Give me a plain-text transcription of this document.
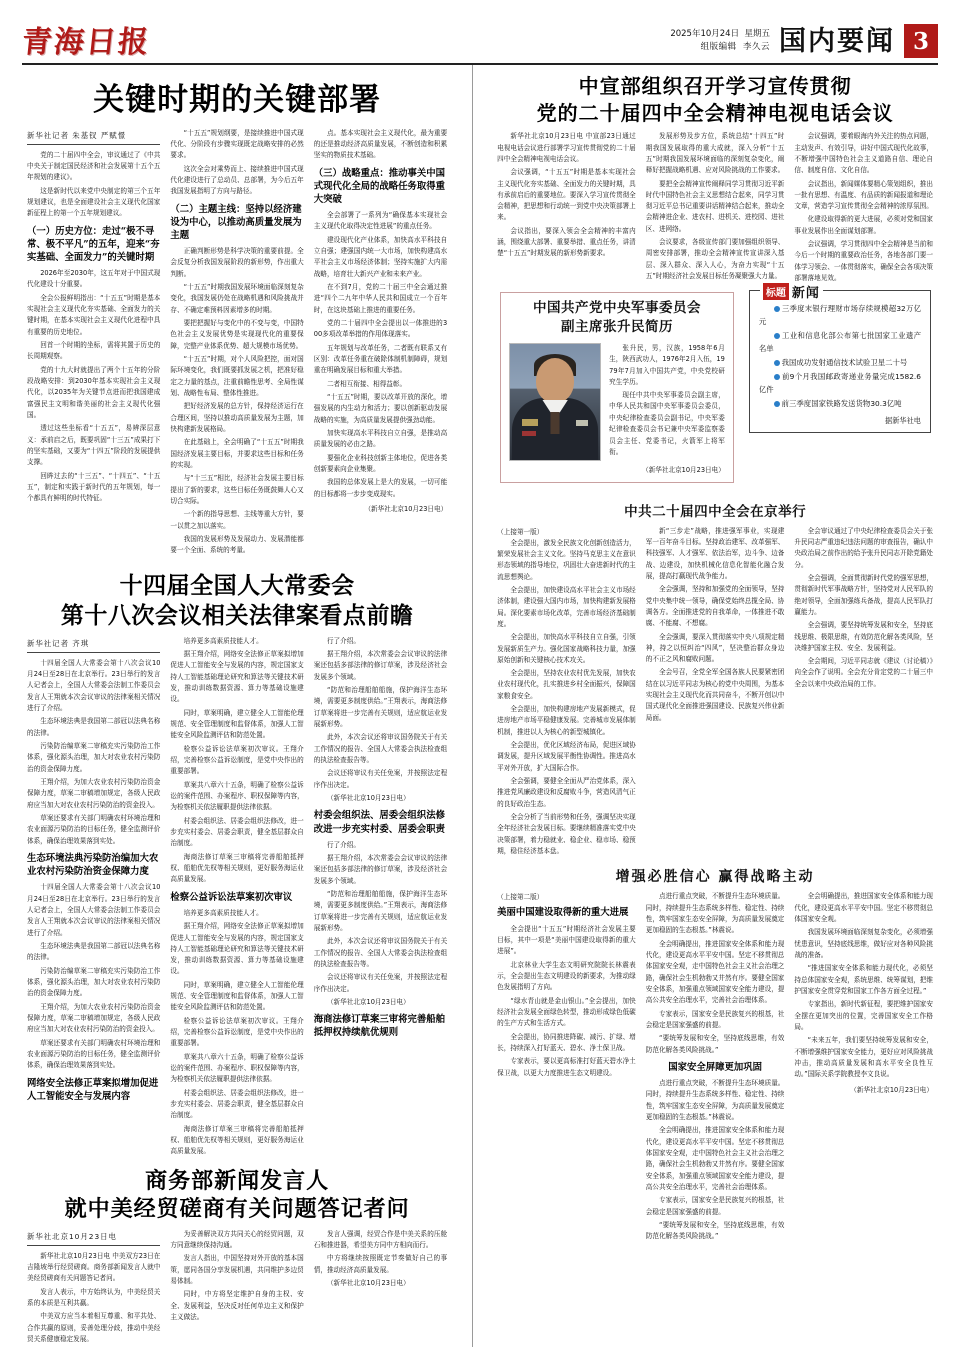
青海日报	2025年10月24日 星期五
组版编辑 李久云 国内要闻 3
关键时期的关键部署
新华社记者 朱基钗 严赋憬

党的二十届四中全会，审议通过了《中共中央关于制定国民经济和社会发展第十五个五年规划的建议》。

这是新时代以来党中央制定的第三个五年规划建议，也是全面建设社会主义现代化国家新征程上的第一个五年规划建议。

（一）历史方位：走过“极不寻常、极不平凡”的五年，迎来“夯实基础、全面发力”的关键时期

2026年至2030年，这五年对于中国式现代化建设十分重要。

全会公报鲜明指出：“十五五”时期是基本实现社会主义现代化夯实基础、全面发力的关键时期，在基本实现社会主义现代化进程中具有重要的历史地位。

回首一个时期的坐标，需将其置于历史的长周期观察。

党的十九大时就提出了两个十五年的分阶段战略安排：到2030年基本实现社会主义现代化，以2035年为关键节点进而把我国建成富强民主文明和谐美丽的社会主义现代化强国。

透过这些坐标看“十五五”，易辨深层意义：承前启之后，既要巩固“十三五”成果打下的坚实基础，又要为“十四五”阶段的发展提供支撑。

回眸过去的“十三五”、“十四五”、“十五五”，制定和实践于新时代的五年规划，每一个都具有鲜明的时代特征。

“十五五”规划纲要，是接续推进中国式现代化、分阶段有步骤实现既定战略安排的必然要求。

这次全会对乘势而上、接续推进中国式现代化建设进行了总动员、总部署，为今后五年我国发展指明了方向与路径。

（二）主题主线：坚持以经济建设为中心，以推动高质量发展为主题

正确判断形势是科学决策的重要前提。全会反复分析我国发展阶段的新形势，作出重大判断。

“十五五”时期我国发展环境面临深刻复杂变化，我国发展仍处在战略机遇和风险挑战并存、不确定难预料因素增多的时期。

要把把握好与变化中的不变与变，中国特色社会主义发展优势是实现现代化的重要保障，完整产业体系优势、超大规模市场优势。

“十五五”时期，对个人风险把控，面对国际环境变化，我们既要抓发展之机，把准好稳定之力量的基点，注重前瞻性思考、全局性谋划、战略性布局、整体性推进。

把好经济发展的总方针，保持经济运行在合理区间，坚持以推动高质量发展为主题，加快构建新发展格局。

在此基础上，全会明确了“十五五”时期我国经济发展主要目标，并要求这些目标和任务的实现。

与“十三五”相比，经济社会发展主要目标提出了新的要求，这些目标任务既鼓舞人心又切合实际。

一个新的指导思想、主线等重大方针，要一以贯之加以落实。

我国的发展形势及发展动力、发展潜能都要一个全面、系统的考量。

点。基本实现社会主义现代化，最为重要的还是推动经济高质量发展，不断创造和积累坚实的物质技术基础。

（三）战略重点：推动事关中国式现代化全局的战略任务取得重大突破

全会部署了一系列为“确保基本实现社会主义现代化取得决定性进展”的重点任务。

建设现代化产业体系，加快高水平科技自立自强；建强国内统一大市场，加快构建高水平社会主义市场经济体制；坚持实施扩大内需战略，培育壮大新兴产业和未来产业。

在不到7月，党的二十届三中全会通过推进“四个二九年中华人民共和国成立一个百年时，在这块基础上推进的重要任务。

党的二十届四中全会提出以一体推进的300多项改革举措的作用体现落实。

五年规划与改革任务，二者既有联系又有区别：改革任务重在破除体制机制障碍，规划重在明确发展目标和重大举措。

二者相互衔接、相得益彰。

“十五五”时期，要以改革开放的深化，增强发展的内生动力和活力；要以创新驱动发展战略的实施，为高质量发展提供强劲动能。

加快实现高水平科技自立自强，是推动高质量发展的必由之路。

要强化企业科技创新主体地位，促进各类创新要素向企业集聚。

我国的总体发展上是大的发展，一切可能的目标都将一步步变成现实。

（新华社北京10月23日电）

十四届全国人大常委会
第十八次会议相关法律案看点前瞻
新华社记者 齐琪

十四届全国人大常委会第十八次会议10月24日至28日在北京举行。23日举行的发言人记者会上，全国人大常委会法制工作委员会发言人王翔就本次会议审议的法律案相关情况进行了介绍。

生态环境法典是我国第二部冠以法典名称的法律。

污染防治编草案二审稿充实污染防治工作体系，强化源头治理，加大对农业农村污染防治的资金保障力度。

王翔介绍，为加大农业农村污染防治资金保障力度，草案二审稿增加规定，各级人民政府应当加大对农业农村污染防治的资金投入。

草案还要求有关部门明确农村环境治理和农业面源污染防治的目标任务，健全监测评价体系，确保治理效果落到实处。

生态环境法典污染防治编加大农业农村污染防治资金保障力度

十四届全国人大常委会第十八次会议10月24日至28日在北京举行。23日举行的发言人记者会上，全国人大常委会法制工作委员会发言人王翔就本次会议审议的法律案相关情况进行了介绍。

生态环境法典是我国第二部冠以法典名称的法律。

污染防治编草案二审稿充实污染防治工作体系，强化源头治理，加大对农业农村污染防治的资金保障力度。

王翔介绍，为加大农业农村污染防治资金保障力度，草案二审稿增加规定，各级人民政府应当加大对农业农村污染防治的资金投入。

草案还要求有关部门明确农村环境治理和农业面源污染防治的目标任务，健全监测评价体系，确保治理效果落到实处。

网络安全法修正草案拟增加促进人工智能安全与发展内容

培养更多高素质技能人才。

据王翔介绍，网络安全法修正草案拟增加促进人工智能安全与发展的内容，规定国家支持人工智能基础理论研究和算法等关键技术研发，推动训练数据资源、算力等基础设施建设。

同时，草案明确，建立健全人工智能伦理规范、安全管理制度和监督体系，加强人工智能安全风险监测评估和防范处置。

检察公益诉讼法草案初次审议。王翔介绍，完善检察公益诉讼制度，是党中央作出的重要部署。

草案共八章六十五条，明确了检察公益诉讼的案件范围、办案程序、职权保障等内容，为检察机关依法履职提供法律依据。

村委会组织法、居委会组织法修改，进一步充实村委会、居委会职责，健全基层群众自治制度。

海商法修订草案三审稿将完善船舶抵押权、船舶优先权等相关规则，更好服务海运业高质量发展。

检察公益诉讼法草案初次审议

培养更多高素质技能人才。

据王翔介绍，网络安全法修正草案拟增加促进人工智能安全与发展的内容，规定国家支持人工智能基础理论研究和算法等关键技术研发，推动训练数据资源、算力等基础设施建设。

同时，草案明确，建立健全人工智能伦理规范、安全管理制度和监督体系，加强人工智能安全风险监测评估和防范处置。

检察公益诉讼法草案初次审议。王翔介绍，完善检察公益诉讼制度，是党中央作出的重要部署。

草案共八章六十五条，明确了检察公益诉讼的案件范围、办案程序、职权保障等内容，为检察机关依法履职提供法律依据。

村委会组织法、居委会组织法修改，进一步充实村委会、居委会职责，健全基层群众自治制度。

海商法修订草案三审稿将完善船舶抵押权、船舶优先权等相关规则，更好服务海运业高质量发展。

行了介绍。

据王翔介绍，本次常委会会议审议的法律案还包括多部法律的修订草案，涉及经济社会发展多个领域。

“防范和治理船舶船施，保护海洋生态环境，需要更多制度供给。”王翔表示，海商法修订草案将进一步完善有关规则，适应航运业发展新形势。

此外，本次会议还将审议国务院关于有关工作情况的报告、全国人大常委会执法检查组的执法检查报告等。

会议还将审议有关任免案，并按照法定程序作出决定。

（新华社北京10月23日电）

村委会组织法、居委会组织法修改进一步充实村委、居委会职责

行了介绍。

据王翔介绍，本次常委会会议审议的法律案还包括多部法律的修订草案，涉及经济社会发展多个领域。

“防范和治理船舶船施，保护海洋生态环境，需要更多制度供给。”王翔表示，海商法修订草案将进一步完善有关规则，适应航运业发展新形势。

此外，本次会议还将审议国务院关于有关工作情况的报告、全国人大常委会执法检查组的执法检查报告等。

会议还将审议有关任免案，并按照法定程序作出决定。

（新华社北京10月23日电）

海商法修订草案三审将完善船舶抵押权持续航优规则

商务部新闻发言人
就中美经贸磋商有关问题答记者问
新华社北京10月23日电

新华社北京10月23日电 中美双方23日在吉隆坡举行经贸磋商。商务部新闻发言人就中美经贸磋商有关问题答记者问。

发言人表示，中方始终认为，中美经贸关系的本质是互利共赢。

中美双方应当本着相互尊重、和平共处、合作共赢的原则，妥善处理分歧，推动中美经贸关系健康稳定发展。

为妥善解决双方共同关心的经贸问题，双方同意继续保持沟通。

发言人指出，中国坚持对外开放的基本国策，愿同各国分享发展机遇，共同维护多边贸易体制。

同时，中方将坚定维护自身的主权、安全、发展利益，坚决反对任何单边主义和保护主义做法。

发言人强调，经贸合作是中美关系的压舱石和推进器，希望美方同中方相向而行。

中方将继续按照既定节奏做好自己的事情，推动经济高质量发展。

（新华社北京10月23日电）

中宣部组织召开学习宣传贯彻
党的二十届四中全会精神电视电话会议

新华社北京10月23日电 中宣部23日通过电视电话会议进行部署学习宣传贯彻党的二十届四中全会精神电视电话会议。

会议强调，“十五五”时期是基本实现社会主义现代化夯实基础、全面发力的关键时期，具有承前启后的重要地位。要深入学习宣传贯彻全会精神，把思想和行动统一到党中央决策部署上来。

会议指出，要深入领会全会精神的丰富内涵，围绕重大部署、重要举措、重点任务，讲清楚“十五五”时期发展的新形势新要求。

发展形势及步方位，系统总结“十四五”时期我国发展取得的重大成就，深入分析“十五五”时期我国发展环境面临的深刻复杂变化，阐释好把握战略机遇、应对风险挑战的工作要求。

要把全会精神宣传阐释同学习贯彻习近平新时代中国特色社会主义思想结合起来，同学习贯彻习近平总书记重要讲话精神结合起来，推动全会精神进企业、进农村、进机关、进校园、进社区、进网络。

会议要求，各级宣传部门要加强组织领导、周密安排部署，推动全会精神宣传宣讲深入基层、深入群众、深入人心，为奋力实现“十五五”时期经济社会发展目标任务凝聚强大力量。

会议强调，要着眼海内外关注的热点问题，主动发声、有效引导，讲好中国式现代化故事，不断增强中国特色社会主义道路自信、理论自信、制度自信、文化自信。

会议指出，新闻媒体要精心策划组织，推出一批有思想、有温度、有品质的新闻报道和理论文章，营造学习宣传贯彻全会精神的浓厚氛围。

化建设取得新的更大进展，必须对党和国家事业发展作出全面谋划部署。

会议强调，学习贯彻四中全会精神是当前和今后一个时期的重要政治任务，各地各部门要一体学习领会、一体贯彻落实，确保全会各项决策部署落地见效。

中国共产党中央军事委员会
副主席张升民简历

张升民，男，汉族，1958年6月生，陕西武功人，1976年2月入伍，1979年7月加入中国共产党，中央党校研究生学历。

现任中共中央军事委员会副主席，中华人民共和国中央军事委员会委员，中央纪律检查委员会副书记，中央军委纪律检查委员会书记兼中央军委监察委员会主任、党委书记，火箭军上将军衔。

（新华社北京10月23日电）

标题 新闻
三季度末银行理财市场存续规模超32万亿元
工业和信息化部公布第七批国家工业遗产名单
我国成功发射通信技术试验卫星二十号
前9个月我国邮政寄递业务量完成1582.6亿件
前三季度国家铁路发送货物30.3亿吨
据新华社电
中共二十届四中全会在京举行

（上接第一版）

全会提出，激发全民族文化创新创造活力，繁荣发展社会主义文化。坚持马克思主义在意识形态领域的指导地位，巩固壮大奋进新时代的主流思想舆论。

全会提出，加快建设高水平社会主义市场经济体制，建设强大国内市场，加快构建新发展格局。深化要素市场化改革，完善市场经济基础制度。

全会提出，加快高水平科技自立自强，引领发展新质生产力。强化国家战略科技力量，加强原始创新和关键核心技术攻关。

全会提出，坚持农业农村优先发展，加快农业农村现代化，扎实推进乡村全面振兴，保障国家粮食安全。

全会提出，加快构建房地产发展新模式，促进房地产市场平稳健康发展。完善城市发展体制机制，推进以人为核心的新型城镇化。

全会提出，优化区域经济布局，促进区域协调发展，提升区域发展平衡性协调性。推进高水平对外开放，扩大国际合作。

全会强调，要健全全面从严治党体系，深入推进党风廉政建设和反腐败斗争，营造风清气正的良好政治生态。

全会分析了当前形势和任务，强调坚决实现全年经济社会发展目标。要继续精准落实党中央决策部署，着力稳就业、稳企业、稳市场、稳预期，稳住经济基本盘。

新“三步走”战略，推进强军事业，实现建军一百年奋斗目标。坚持政治建军、改革强军、科技强军、人才强军、依法治军，边斗争、边备战、边建设，加快机械化信息化智能化融合发展，提高打赢现代战争能力。

全会强调，坚持和加强党的全面领导，坚持党中央集中统一领导，确保党始终总揽全局、协调各方。全面推进党的自我革命，一体推进不敢腐、不能腐、不想腐。

全会强调，要深入贯彻落实中央八项规定精神，持之以恒纠治“四风”，坚决整治群众身边的不正之风和腐败问题。

全会号召，全党全军全国各族人民要紧密团结在以习近平同志为核心的党中央周围，为基本实现社会主义现代化而共同奋斗，不断开创以中国式现代化全面推进强国建设、民族复兴伟业新局面。

全会审议通过了中央纪律检查委员会关于张升民同志严重违纪违法问题的审查报告，确认中央政治局之前作出的给予张升民同志开除党籍处分。

全会强调，全面贯彻新时代党的强军思想，贯彻新时代军事战略方针，坚持党对人民军队的绝对领导，全面加强练兵备战，提高人民军队打赢能力。

全会强调，要坚持统筹发展和安全，坚持底线思维、极限思维，有效防范化解各类风险，坚决维护国家主权、安全、发展利益。

全会期间，习近平同志就《建议（讨论稿）》向全会作了说明。全会充分肯定党的二十届三中全会以来中央政治局的工作。

增强必胜信心 赢得战略主动

（上接第二版）

美丽中国建设取得新的重大进展

全会提出“十五五”时期经济社会发展主要目标，其中一项是“美丽中国建设取得新的重大进展”。

北京林业大学生态文明研究院院长林震表示，全会提出生态文明建设的新要求，为推动绿色发展指明了方向。

“绿水青山就是金山银山。”全会提出，加快经济社会发展全面绿色转型，推动形成绿色低碳的生产方式和生活方式。

全会提出，协同推进降碳、减污、扩绿、增长，持续深入打好蓝天、碧水、净土保卫战。

专家表示，要以更高标准打好蓝天碧水净土保卫战，以更大力度推进生态文明建设。

点进行重点突破，不断提升生态环境质量。同时，持续提升生态系统多样性、稳定性、持续性，筑牢国家生态安全屏障，为高质量发展奠定更加稳固的生态根基。”林震说。

全会明确提出，推进国家安全体系和能力现代化，建设更高水平平安中国。坚定不移贯彻总体国家安全观，走中国特色社会主义社会治理之路，确保社会生机勃勃又井然有序。要健全国家安全体系，加强重点领域国家安全能力建设，提高公共安全治理水平，完善社会治理体系。

专家表示，国家安全是民族复兴的根基，社会稳定是国家强盛的前提。

“要统筹发展和安全，坚持底线思维，有效防范化解各类风险挑战。”

国家安全屏障更加巩固

点进行重点突破，不断提升生态环境质量。同时，持续提升生态系统多样性、稳定性、持续性，筑牢国家生态安全屏障，为高质量发展奠定更加稳固的生态根基。”林震说。

全会明确提出，推进国家安全体系和能力现代化，建设更高水平平安中国。坚定不移贯彻总体国家安全观，走中国特色社会主义社会治理之路，确保社会生机勃勃又井然有序。要健全国家安全体系，加强重点领域国家安全能力建设，提高公共安全治理水平，完善社会治理体系。

专家表示，国家安全是民族复兴的根基，社会稳定是国家强盛的前提。

“要统筹发展和安全，坚持底线思维，有效防范化解各类风险挑战。”

全会明确提出，推进国家安全体系和能力现代化，建设更高水平平安中国。坚定不移贯彻总体国家安全观。

我国发展环境面临深刻复杂变化，必须增强忧患意识，坚持底线思维，做好应对各种风险挑战的准备。

“推进国家安全体系和能力现代化，必须坚持总体国家安全观，系统思维、统筹谋划，把维护国家安全贯穿党和国家工作各方面全过程。”

专家指出，新时代新征程，要把维护国家安全摆在更加突出的位置，完善国家安全工作格局。

“未来五年，我们要坚持统筹发展和安全，不断增强维护国家安全能力，更好应对风险挑战冲击，推动高质量发展和高水平安全良性互动。”国际关系学院教授李文良说。

（新华社北京10月23日电）
